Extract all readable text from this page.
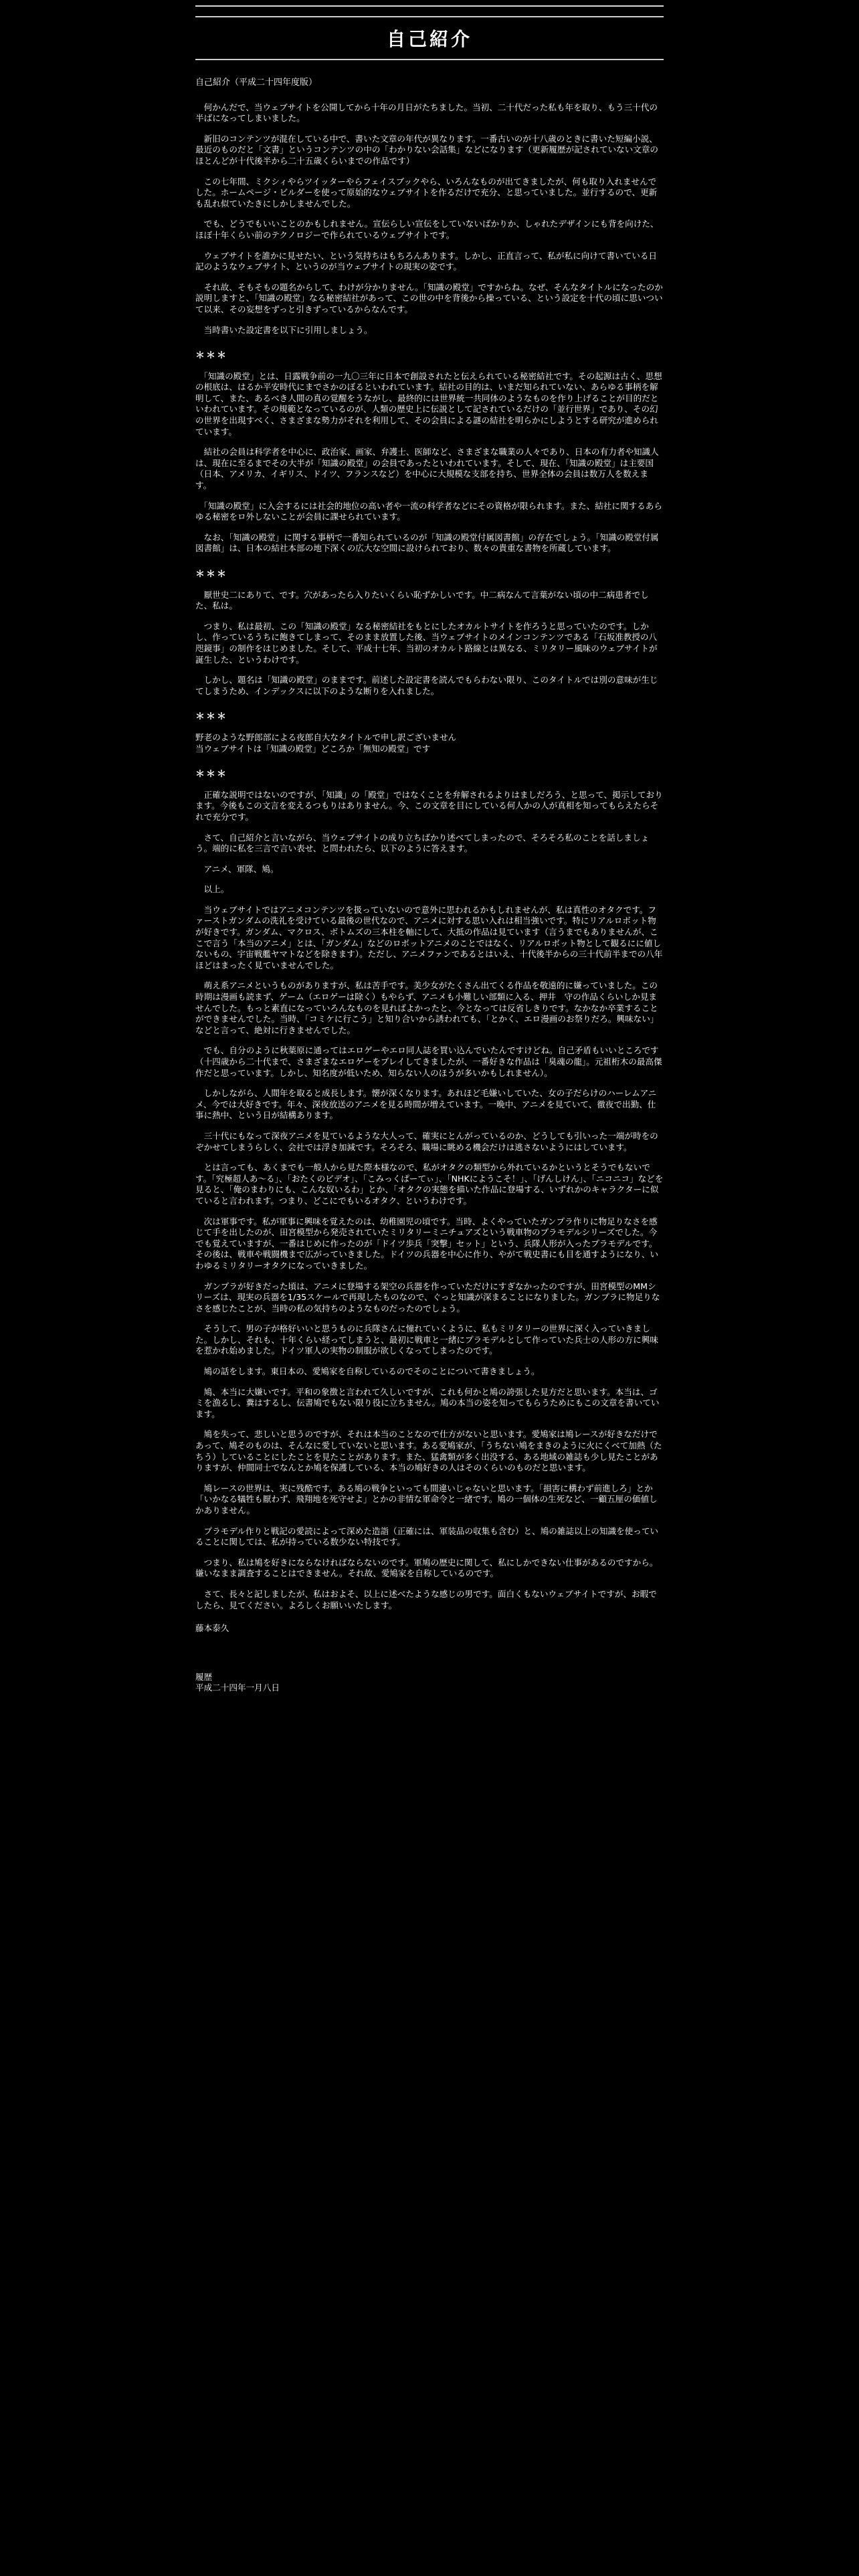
自己紹介
自己紹介（平成二十四年度版）

　何かんだで、当ウェブサイトを公開してから十年の月日がたちました。当初、二十代だった私も年を取り、もう三十代の半ばになってしまいました。

　新旧のコンテンツが混在している中で、書いた文章の年代が異なります。一番古いのが十八歳のときに書いた短編小説、最近のものだと「文書」というコンテンツの中の「わかりない会話集」などになります（更新履歴が記されていない文章のほとんどが十代後半から二十五歳くらいまでの作品です）

　この七年間、ミクシィやらツイッターやらフェイスブックやら、いろんなものが出てきましたが、何も取り入れませんでした。ホームページ・ビルダーを使って原始的なウェブサイトを作るだけで充分、と思っていました。並行するので、更新も乱れ似ていたきにしかしませんでした。

　でも、どうでもいいことのかもしれません。宣伝らしい宣伝をしていないばかりか、しゃれたデザインにも背を向けた、ほぼ十年くらい前のテクノロジーで作られているウェブサイトです。

　ウェブサイトを誰かに見せたい、という気持ちはもちろんあります。しかし、正直言って、私が私に向けて書いている日記のようなウェブサイト、というのが当ウェブサイトの現実の姿です。

　それ故、そもそもの題名からして、わけが分かりません。「知識の殿堂」ですからね。なぜ、そんなタイトルになったのか説明しますと、「知識の殿堂」なる秘密結社があって、この世の中を背後から操っている、という設定を十代の頃に思いついて以来、その妄想をずっと引きずっているからなんです。

　当時書いた設定書を以下に引用しましょう。

＊＊＊

　「知識の殿堂」とは、日露戦争前の一九〇三年に日本で創設されたと伝えられている秘密結社です。その起源は古く、思想の根底は、はるか平安時代にまでさかのぼるといわれています。結社の目的は、いまだ知られていない、あらゆる事柄を解明して、また、あるべき人間の真の覚醒をうながし、最終的には世界統一共同体のようなものを作り上げることが目的だといわれています。その規範となっているのが、人類の歴史上に伝説として記されているだけの「並行世界」であり、その幻の世界を出現すべく、さまざまな勢力がそれを利用して、その会員による謎の結社を明らかにしようとする研究が進められています。

　結社の会員は科学者を中心に、政治家、画家、弁護士、医師など、さまざまな職業の人々であり、日本の有力者や知識人は、現在に至るまでその大半が「知識の殿堂」の会員であったといわれています。そして、現在、「知識の殿堂」は主要国（日本、アメリカ、イギリス、ドイツ、フランスなど）を中心に大規模な支部を持ち、世界全体の会員は数万人を数えます。

　「知識の殿堂」に入会するには社会的地位の高い者や一流の科学者などにその資格が限られます。また、結社に関するあらゆる秘密をロ外しないことが会員に課せられています。

　なお、「知識の殿堂」に関する事柄で一番知られているのが「知識の殿堂付属図書館」の存在でしょう。「知識の殿堂付属図書館」は、日本の結社本部の地下深くの広大な空間に設けられており、数々の貴重な書物を所蔵しています。

＊＊＊

　厭世史二にありて、です。穴があったら入りたいくらい恥ずかしいです。中二病なんて言葉がない頃の中二病患者でした、私は。

　つまり、私は最初、この「知識の殿堂」なる秘密結社をもとにしたオカルトサイトを作ろうと思っていたのです。しかし、作っているうちに飽きてしまって、そのまま放置した後、当ウェブサイトのメインコンテンツである「石坂准教授の八咫鏡事」の制作をはじめました。そして、平成十七年、当初のオカルト路線とは異なる、ミリタリー風味のウェブサイトが誕生した、というわけです。

　しかし、題名は「知識の殿堂」のままです。前述した設定書を読んでもらわない限り、このタイトルでは別の意味が生じてしまうため、インデックスに以下のような断りを入れました。

＊＊＊

野老のような野郎部による夜郎自大なタイトルで申し訳ございません
当ウェブサイトは「知識の殿堂」どころか「無知の殿堂」です

＊＊＊

　正確な説明ではないのですが、「知識」の「殿堂」ではなくことを弁解されるよりはましだろう、と思って、掲示しております。今後もこの文言を変えるつもりはありません。今、この文章を目にしている何人かの人が真相を知ってもらえたらそれで充分です。

　さて、自己紹介と言いながら、当ウェブサイトの成り立ちばかり述べてしまったので、そろそろ私のことを話しましょう。端的に私を三言で言い表せ、と問われたら、以下のように答えます。

　アニメ、軍隊、鳩。

　以上。

　当ウェブサイトではアニメコンテンツを扱っていないので意外に思われるかもしれませんが、私は真性のオタクです。ファーストガンダムの洗礼を受けている最後の世代なので、アニメに対する思い入れは相当強いです。特にリアルロボット物が好きです。ガンダム、マクロス、ボトムズの三本柱を軸にして、大抵の作品は見ています（言うまでもありませんが、ここで言う「本当のアニメ」とは、「ガンダム」などのロボットアニメのことではなく、リアルロボット物として観るにに値しないもの、宇宙戦艦ヤマトなどを除きます）。ただし、アニメファンであるとはいえ、十代後半からの三十代前半までの八年ほどはまったく見ていませんでした。

　萌え系アニメというものがありますが、私は苦手です。美少女がたくさん出てくる作品を敬遠的に嫌っていました。この時期は漫画も読まず、ゲーム（エロゲーは除く）もやらず、アニメも小難しい部類に入る、押井　守の作品くらいしか見ませんでした。もっと素直になっていろんなものを見ればよかったと、今となっては反省しきりです。なかなか卒業することができませんでした。当時、「コミケに行こう」と知り合いから誘われても、「とかく、エロ漫画のお祭りだろ。興味ない」などと言って、絶対に行きませんでした。

　でも、自分のように秋葉原に通ってはエロゲーやエロ同人誌を買い込んでいたんですけどね。自己矛盾もいいところです（十四歳から二十代まで、さまざまなエロゲーをプレイしてきましたが、一番好きな作品は「臭魂の龍」。元祖桁木の最高傑作だと思っています。しかし、知名度が低いため、知らない人のほうが多いかもしれません）。

　しかしながら、人間年を取ると成長します。懐が深くなります。あれほど毛嫌いしていた、女の子だらけのハーレムアニメ、今では大好きです。年々、深夜放送のアニメを見る時間が増えています。一晩中、アニメを見ていて、徹夜で出勤、仕事に熱中、という日が結構あります。

　三十代にもなって深夜アニメを見ているような大人って、確実にとんがっているのか、どうしても引いった一端が時をのぞかせてしまうらしく、会社では浮き加減です。そろそろ、職場に眺める機会だけは逃さないようにはしています。

　とは言っても、あくまでも一般人から見た際本様なので、私がオタクの類型から外れているかというとそうでもないです。「究極超人あ～る」、「おたくのビデオ」、「こみっくぱーてぃ」、「NHKにようこそ！」、「げんしけん」、「ニコニコ」などを見ると、「俺のまわりにも、こんな奴いるわ」とか、「オタクの実態を描いた作品に登場する、いずれかのキャラクターに似ていると言われます。つまり、どこにでもいるオタク、というわけです。

　次は軍事です。私が軍事に興味を覚えたのは、幼稚園児の頃です。当時、よくやっていたガンプラ作りに物足りなさを感じて手を出したのが、田宮模型から発売されていたミリタリーミニチュアズという戦車物のプラモデルシリーズでした。今でも覚えていますが、一番はじめに作ったのが「ドイツ歩兵「突撃」セット」という、兵隊人形が入ったプラモデルです。その後は、戦車や戦闘機まで広がっていきました。ドイツの兵器を中心に作り、やがて戦史書にも目を通すようになり、いわゆるミリタリーオタクになっていきました。

　ガンプラが好きだった頃は、アニメに登場する架空の兵器を作っていただけにすぎなかったのですが、田宮模型のMMシリーズは、現実の兵器を1/35スケールで再現したものなので、ぐっと知識が深まることになりました。ガンプラに物足りなさを感じたことが、当時の私の気持ちのようなものだったのでしょう。

　そうして、男の子が格好いいと思うものに兵隊さんに憧れていくように、私もミリタリーの世界に深く入っていきました。しかし、それも、十年くらい経ってしまうと、最初に戦車と一緒にプラモデルとして作っていた兵士の人形の方に興味を惹かれ始めました。ドイツ軍人の実物の制服が欲しくなってしまったのです。

　鳩の話をします。東日本の、愛鳩家を自称しているのでそのことについて書きましょう。

　鳩、本当に大嫌いです。平和の象徴と言われて久しいですが、これも何かと鳩の誇張した見方だと思います。本当は、ゴミを漁るし、糞はするし、伝書鳩でもない限り役に立ちません。鳩の本当の姿を知ってもらうためにもこの文章を書いています。

　鳩を失って、悲しいと思うのですが、それは本当のことなので仕方がないと思います。愛鳩家は鳩レースが好きなだけであって、鳩そのものは、そんなに愛していないと思います。ある愛鳩家が、「うちない鳩をまきのように火にくべて加熱（たちう）していることにしたことを見たことがあります。また、猛禽類が多く出没する、ある地域の雑誌も少し見たことがありますが、仲間同士でなんとか鳩を保護している、本当の鳩好きの人はそのくらいのものだと思います。

　鳩レースの世界は、実に残酷です。ある鳩の戦争といっても間違いじゃないと思います。「損害に構わず前進しろ」とか「いかなる犠牲も厭わず、飛翔地を死守せよ」とかの非情な軍命令と一緒です。鳩の一個体の生死など、一顧五厘の価値しかありません。

　プラモデル作りと戦記の愛読によって深めた造詣（正確には、軍装品の収集も含む）と、鳩の雑誌以上の知識を使っていることに関しては、私が持っている数少ない特技です。

　つまり、私は鳩を好きにならなければならないのです。軍鳩の歴史に関して、私にしかできない仕事があるのですから。嫌いなまま調査することはできません。それ故、愛鳩家を自称しているのです。

　さて、長々と記しましたが、私はおよそ、以上に述べたような感じの男です。面白くもないウェブサイトですが、お暇でしたら、見てください。よろしくお願いいたします。

藤本泰久
履歴
平成二十四年一月八日
